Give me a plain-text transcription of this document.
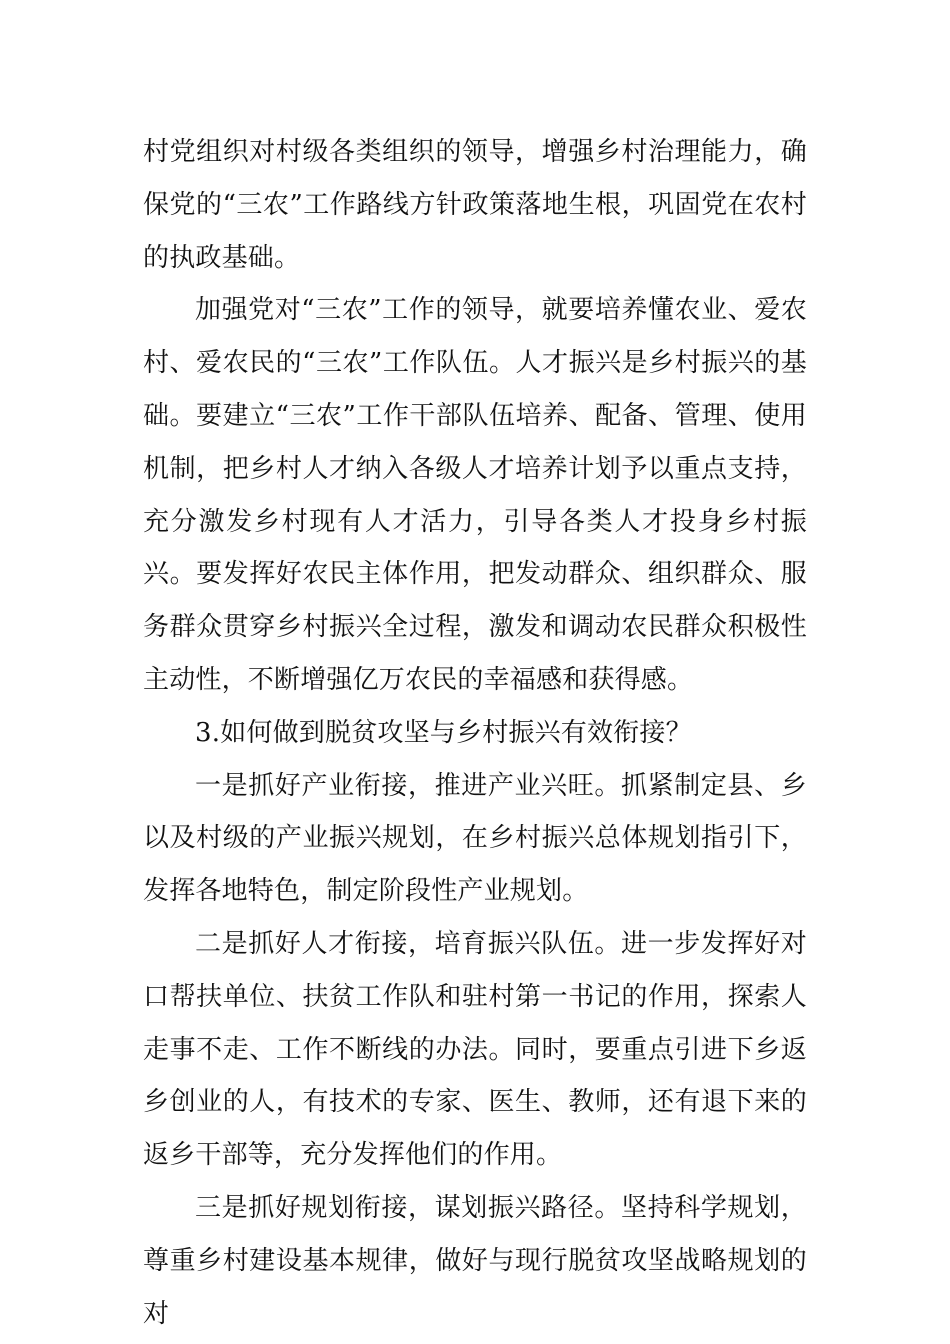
村党组织对村级各类组织的领导，增强乡村治理能力，确保党的“三农”工作路线方针政策落地生根，巩固党在农村的执政基础。

加强党对“三农”工作的领导，就要培养懂农业、爱农村、爱农民的“三农”工作队伍。人才振兴是乡村振兴的基础。要建立“三农”工作干部队伍培养、配备、管理、使用机制，把乡村人才纳入各级人才培养计划予以重点支持，充分激发乡村现有人才活力，引导各类人才投身乡村振兴。要发挥好农民主体作用，把发动群众、组织群众、服务群众贯穿乡村振兴全过程，激发和调动农民群众积极性主动性，不断增强亿万农民的幸福感和获得感。

3.如何做到脱贫攻坚与乡村振兴有效衔接？

一是抓好产业衔接，推进产业兴旺。抓紧制定县、乡以及村级的产业振兴规划，在乡村振兴总体规划指引下，发挥各地特色，制定阶段性产业规划。

二是抓好人才衔接，培育振兴队伍。进一步发挥好对口帮扶单位、扶贫工作队和驻村第一书记的作用，探索人走事不走、工作不断线的办法。同时，要重点引进下乡返乡创业的人，有技术的专家、医生、教师，还有退下来的返乡干部等，充分发挥他们的作用。

三是抓好规划衔接，谋划振兴路径。坚持科学规划，尊重乡村建设基本规律，做好与现行脱贫攻坚战略规划的对
